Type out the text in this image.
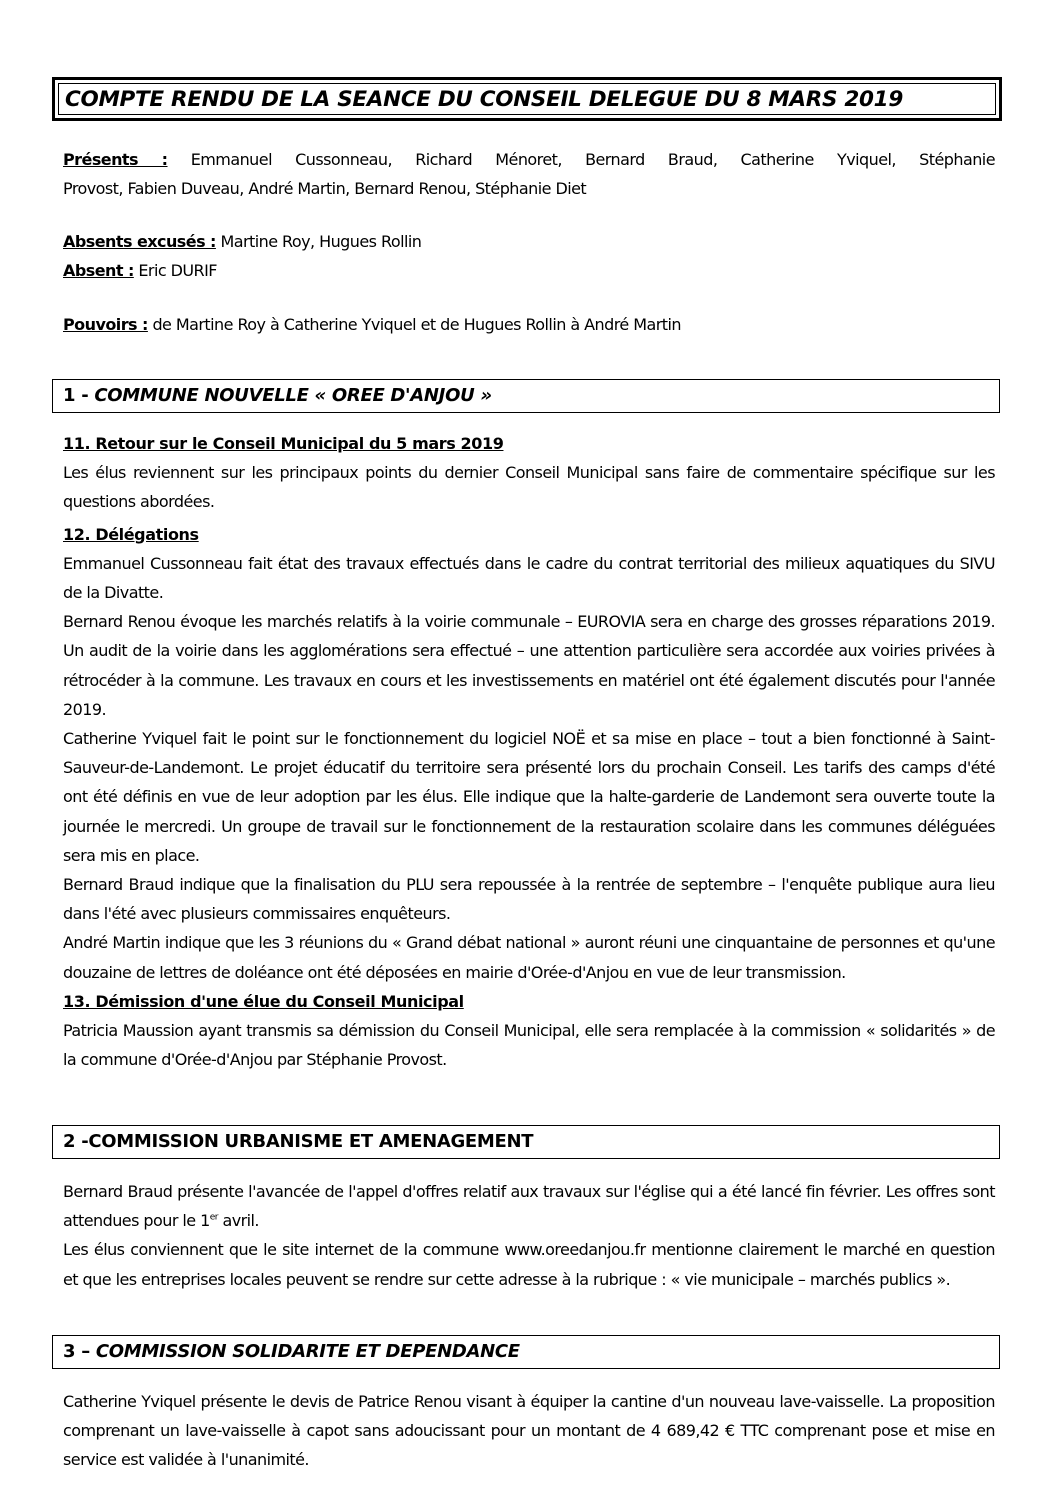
COMPTE RENDU DE LA SEANCE DU CONSEIL DELEGUE DU 8 MARS 2019
Présents : Emmanuel Cussonneau, Richard Ménoret, Bernard Braud, Catherine Yviquel, Stéphanie
Provost, Fabien Duveau, André Martin, Bernard Renou, Stéphanie Diet
Absents excusés : Martine Roy, Hugues Rollin
Absent : Eric DURIF
Pouvoirs : de Martine Roy à Catherine Yviquel et de Hugues Rollin à André Martin
1 - COMMUNE NOUVELLE « OREE D'ANJOU »
11. Retour sur le Conseil Municipal du 5 mars 2019
Les élus reviennent sur les principaux points du dernier Conseil Municipal sans faire de commentaire spécifique sur les questions abordées.
12. Délégations
Emmanuel Cussonneau fait état des travaux effectués dans le cadre du contrat territorial des milieux aquatiques du SIVU de la Divatte.
Bernard Renou évoque les marchés relatifs à la voirie communale – EUROVIA sera en charge des grosses réparations 2019. Un audit de la voirie dans les agglomérations sera effectué – une attention particulière sera accordée aux voiries privées à rétrocéder à la commune. Les travaux en cours et les investissements en matériel ont été également discutés pour l'année 2019.
Catherine Yviquel fait le point sur le fonctionnement du logiciel NOË et sa mise en place – tout a bien fonctionné à Saint-Sauveur-de-Landemont. Le projet éducatif du territoire sera présenté lors du prochain Conseil. Les tarifs des camps d'été ont été définis en vue de leur adoption par les élus. Elle indique que la halte-garderie de Landemont sera ouverte toute la journée le mercredi. Un groupe de travail sur le fonctionnement de la restauration scolaire dans les communes déléguées sera mis en place.
Bernard Braud indique que la finalisation du PLU sera repoussée à la rentrée de septembre – l'enquête publique aura lieu dans l'été avec plusieurs commissaires enquêteurs.
André Martin indique que les 3 réunions du « Grand débat national » auront réuni une cinquantaine de personnes et qu'une douzaine de lettres de doléance ont été déposées en mairie d'Orée-d'Anjou en vue de leur transmission.
13. Démission d'une élue du Conseil Municipal
Patricia Maussion ayant transmis sa démission du Conseil Municipal, elle sera remplacée à la commission « solidarités » de la commune d'Orée-d'Anjou par Stéphanie Provost.
2 -COMMISSION URBANISME ET AMENAGEMENT
Bernard Braud présente l'avancée de l'appel d'offres relatif aux travaux sur l'église qui a été lancé fin février. Les offres sont attendues pour le 1er avril.
Les élus conviennent que le site internet de la commune www.oreedanjou.fr mentionne clairement le marché en question et que les entreprises locales peuvent se rendre sur cette adresse à la rubrique : « vie municipale – marchés publics ».
3 – COMMISSION SOLIDARITE ET DEPENDANCE
Catherine Yviquel présente le devis de Patrice Renou visant à équiper la cantine d'un nouveau lave-vaisselle. La proposition comprenant un lave-vaisselle à capot sans adoucissant pour un montant de 4 689,42 € TTC comprenant pose et mise en service est validée à l'unanimité.
